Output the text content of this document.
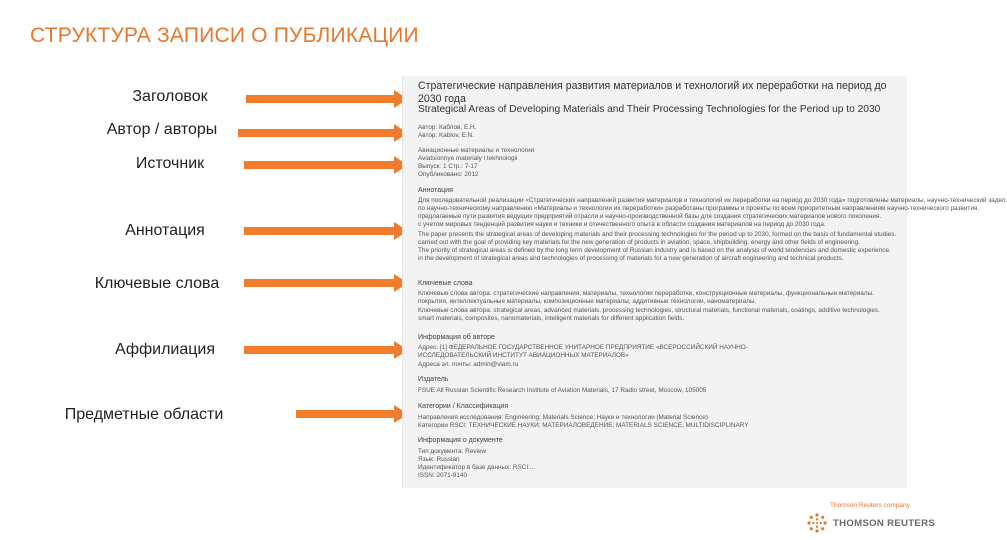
СТРУКТУРА ЗАПИСИ О ПУБЛИКАЦИИ
Заголовок
Автор / авторы
Источник
Аннотация
Ключевые слова
Аффилиация
Предметные области
Стратегические направления развития материалов и технологий их переработки на период до 2030 года
Strategical Areas of Developing Materials and Their Processing Technologies for the Period up to 2030
Автор: Каблов, Е.Н.
Автор: Kablov, E.N.
Авиационные материалы и технологии
Aviatsionnye materialy i tekhnologii
Выпуск: 1 Стр.: 7-17
Опубликовано: 2012
Аннотация
Для последовательной реализации «Стратегических направлений развития материалов и технологий их переработки на период до 2030 года» подготовлены материалы, научно-технический задел.
по научно-техническому направлению «Материалы и технологии их переработки» разработаны программы и проекты по всем приоритетным направлениям научно-технического развития.
предлагаемые пути развития ведущих предприятий отрасли и научно-производственной базы для создания стратегических материалов нового поколения.
с учетом мировых тенденций развития науки и техники и отечественного опыта в области создания материалов на период до 2030 года.
The paper presents the strategical areas of developing materials and their processing technologies for the period up to 2030, formed on the basis of fundamental studies.
carried out with the goal of providing key materials for the new generation of products in aviation, space, shipbuilding, energy and other fields of engineering.
The priority of strategical areas is defined by the long term development of Russian industry and is based on the analysis of world tendencies and domestic experience.
in the development of strategical areas and technologies of processing of materials for a new generation of aircraft engineering and technical products.
Ключевые слова
Ключевые слова автора: стратегические направления, материалы, технологии переработки, конструкционные материалы, функциональные материалы.
покрытия, интеллектуальные материалы, композиционные материалы, аддитивные технологии, наноматериалы.
Ключевые слова автора: strategical areas, advanced materials, processing technologies, structural materials, functional materials, coatings, additive technologies.
smart materials, composites, nanomaterials, intelligent materials for different application fields.
Информация об авторе
Адрес: [1] ФЕДЕРАЛЬНОЕ ГОСУДАРСТВЕННОЕ УНИТАРНОЕ ПРЕДПРИЯТИЕ «ВСЕРОССИЙСКИЙ НАУЧНО-
ИССЛЕДОВАТЕЛЬСКИЙ ИНСТИТУТ АВИАЦИОННЫХ МАТЕРИАЛОВ»
Адреса эл. почты: admin@viam.ru
Издатель
FSUE All Russian Scientific Research Institute of Aviation Materials, 17 Radio street, Moscow, 105005
Категории / Классификация
Направления исследования: Engineering; Materials Science; Науки и технологии (Material Science)
Категории RSCI: ТЕХНИЧЕСКИЕ НАУКИ; МАТЕРИАЛОВЕДЕНИЕ; MATERIALS SCIENCE, MULTIDISCIPLINARY
Информация о документе
Тип документа: Review
Язык: Russian
Идентификатор в базе данных: RSCI:...
ISSN: 2071-9140
Thomson Reuters company
THOMSON REUTERS
